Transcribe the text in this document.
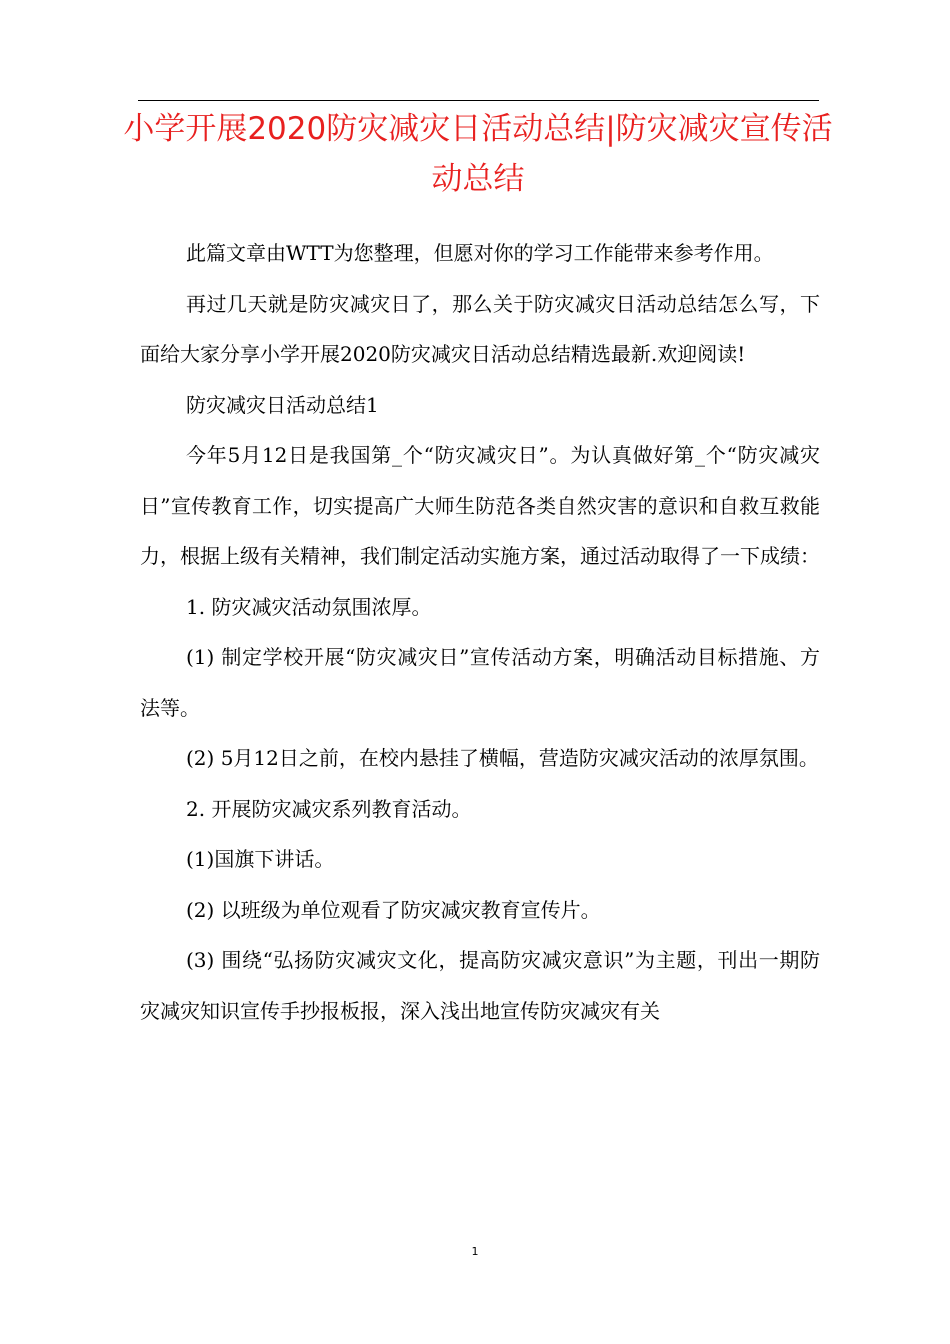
小学开展2020防灾减灾日活动总结|防灾减灾宣传活动总结

此篇文章由WTT为您整理，但愿对你的学习工作能带来参考作用。

再过几天就是防灾减灾日了，那么关于防灾减灾日活动总结怎么写，下面给大家分享小学开展2020防灾减灾日活动总结精选最新.欢迎阅读!

防灾减灾日活动总结1

今年5月12日是我国第_个“防灾减灾日”。为认真做好第_个“防灾减灾日”宣传教育工作，切实提高广大师生防范各类自然灾害的意识和自救互救能力，根据上级有关精神，我们制定活动实施方案，通过活动取得了一下成绩：

1. 防灾减灾活动氛围浓厚。

(1) 制定学校开展“防灾减灾日”宣传活动方案，明确活动目标措施、方法等。

(2) 5月12日之前，在校内悬挂了横幅，营造防灾减灾活动的浓厚氛围。

2. 开展防灾减灾系列教育活动。

(1)国旗下讲话。

(2) 以班级为单位观看了防灾减灾教育宣传片。

(3) 围绕“弘扬防灾减灾文化，提高防灾减灾意识”为主题，刊出一期防灾减灾知识宣传手抄报板报，深入浅出地宣传防灾减灾有关

1
